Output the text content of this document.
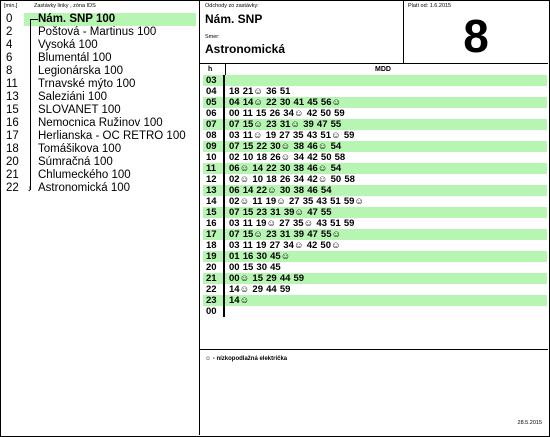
[min.]	Zastávky linky , zóna IDS
0	Nám. SNP 100
2	Poštová - Martinus 100
4	Vysoká 100
6	Blumentál 100
8	Legionárska 100
11	Trnavské mýto 100
13	Saleziáni 100
15	SLOVANET 100
16	Nemocnica Ružinov 100
17	Herlianska - OC RETRO 100
18	Tomášikova 100
20	Súmračná 100
21	Chlumeckého 100
22	Astronomická 100
↓
Odchody zo zastávky:
Nám. SNP
Smer:
Astronomická
Platí od: 1.6.2015
8
h	MDD
03
04	18 21☺ 36 51
05	04 14☺ 22 30 41 45 56☺
06	00 11 15 26 34☺ 42 50 59
07	07 15☺ 23 31☺ 39 47 55
08	03 11☺ 19 27 35 43 51☺ 59
09	07 15 22 30☺ 38 46☺ 54
10	02 10 18 26☺ 34 42 50 58
11	06☺ 14 22 30 38 46☺ 54
12	02☺ 10 18 26 34 42☺ 50 58
13	06 14 22☺ 30 38 46 54
14	02☺ 11 19☺ 27 35 43 51 59☺
15	07 15 23 31 39☺ 47 55
16	03 11 19☺ 27 35☺ 43 51 59
17	07 15☺ 23 31 39 47 55☺
18	03 11 19 27 34☺ 42 50☺
19	01 16 30 45☺
20	00 15 30 45
21	00☺ 15 29 44 59
22	14☺ 29 44 59
23	14☺
00
☺ - nízkopodlažná električka
28.5.2015
